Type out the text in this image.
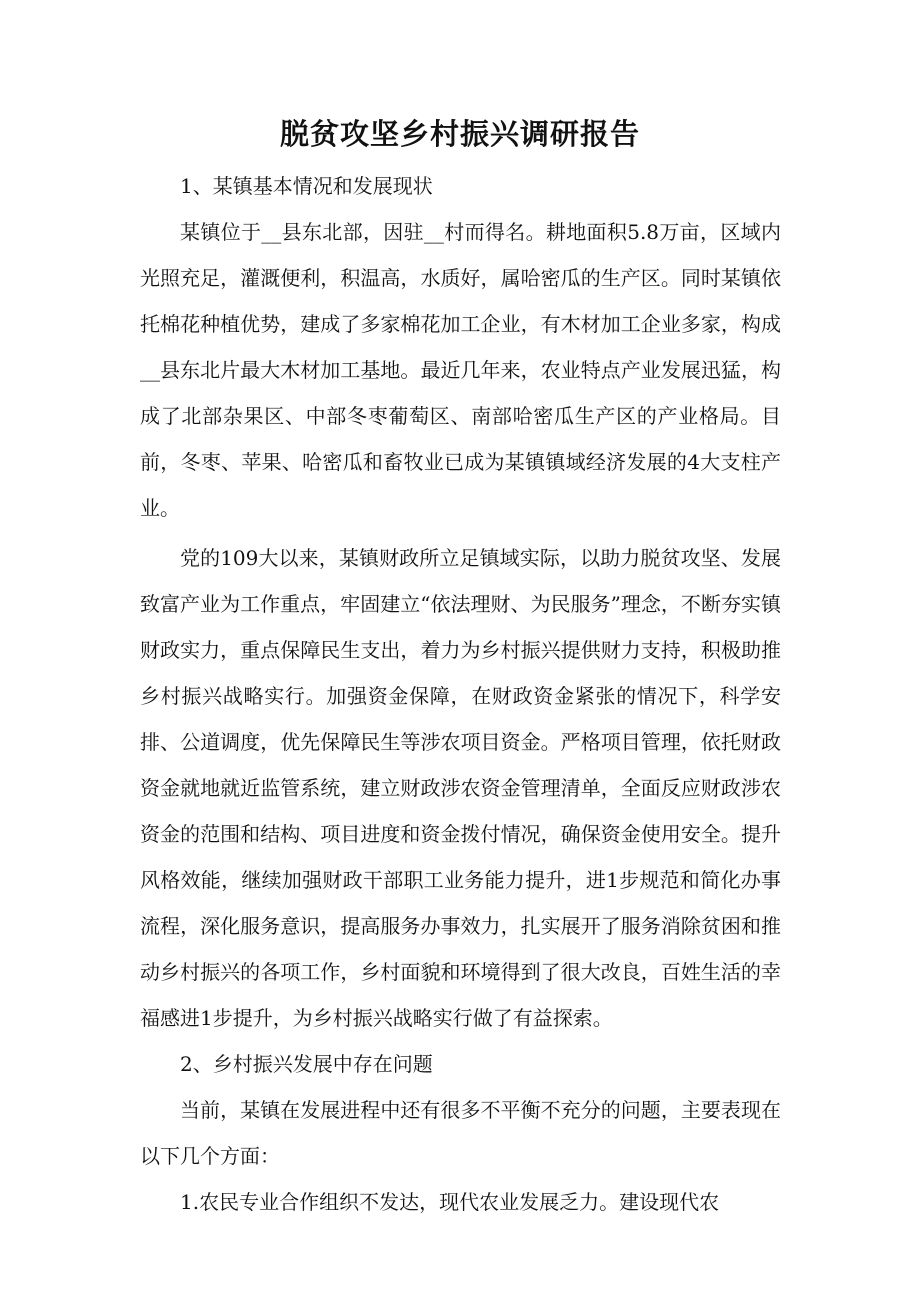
脱贫攻坚乡村振兴调研报告

1、某镇基本情况和发展现状

某镇位于__县东北部，因驻__村而得名。耕地面积5.8万亩，区域内光照充足，灌溉便利，积温高，水质好，属哈密瓜的生产区。同时某镇依托棉花种植优势，建成了多家棉花加工企业，有木材加工企业多家，构成__县东北片最大木材加工基地。最近几年来，农业特点产业发展迅猛，构成了北部杂果区、中部冬枣葡萄区、南部哈密瓜生产区的产业格局。目前，冬枣、苹果、哈密瓜和畜牧业已成为某镇镇域经济发展的4大支柱产业。

党的109大以来，某镇财政所立足镇域实际，以助力脱贫攻坚、发展致富产业为工作重点，牢固建立“依法理财、为民服务”理念，不断夯实镇财政实力，重点保障民生支出，着力为乡村振兴提供财力支持，积极助推乡村振兴战略实行。加强资金保障，在财政资金紧张的情况下，科学安排、公道调度，优先保障民生等涉农项目资金。严格项目管理，依托财政资金就地就近监管系统，建立财政涉农资金管理清单，全面反应财政涉农资金的范围和结构、项目进度和资金拨付情况，确保资金使用安全。提升风格效能，继续加强财政干部职工业务能力提升，进1步规范和简化办事流程，深化服务意识，提高服务办事效力，扎实展开了服务消除贫困和推动乡村振兴的各项工作，乡村面貌和环境得到了很大改良，百姓生活的幸福感进1步提升，为乡村振兴战略实行做了有益探索。

2、乡村振兴发展中存在问题

当前，某镇在发展进程中还有很多不平衡不充分的问题，主要表现在以下几个方面：

1.农民专业合作组织不发达，现代农业发展乏力。建设现代农
